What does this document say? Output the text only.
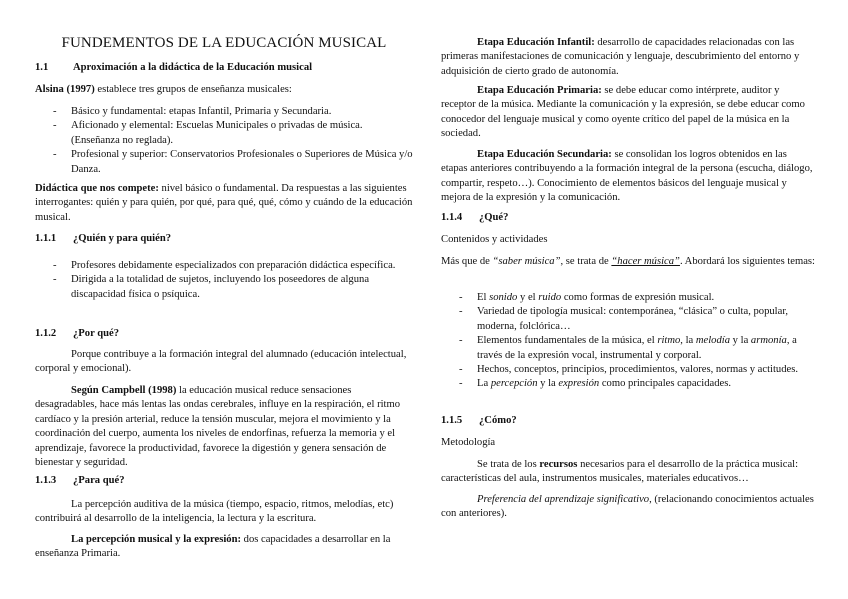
FUNDEMENTOS DE LA EDUCACIÓN MUSICAL
1.1 Aproximación a la didáctica de la Educación musical
Alsina (1997) establece tres grupos de enseñanza musicales:
- Básico y fundamental: etapas Infantil, Primaria y Secundaria.
- Aficionado y elemental: Escuelas Municipales o privadas de música. (Enseñanza no reglada).
- Profesional y superior: Conservatorios Profesionales o Superiores de Música y/o Danza.
Didáctica que nos compete: nivel básico o fundamental. Da respuestas a las siguientes interrogantes: quién y para quién, por qué, para qué, qué, cómo y cuándo de la educación musical.
1.1.1 ¿Quién y para quién?
- Profesores debidamente especializados con preparación didáctica específica.
- Dirigida a la totalidad de sujetos, incluyendo los poseedores de alguna discapacidad física o psíquica.
1.1.2 ¿Por qué?
Porque contribuye a la formación integral del alumnado (educación intelectual, corporal y emocional).
Según Campbell (1998) la educación musical reduce sensaciones desagradables, hace más lentas las ondas cerebrales, influye en la respiración, el ritmo cardíaco y la presión arterial, reduce la tensión muscular, mejora el movimiento y la coordinación del cuerpo, aumenta los niveles de endorfinas, refuerza la memoria y el aprendizaje, favorece la productividad, favorece la digestión y genera sensación de bienestar y seguridad.
1.1.3 ¿Para qué?
La percepción auditiva de la música (tiempo, espacio, ritmos, melodías, etc) contribuirá al desarrollo de la inteligencia, la lectura y la escritura.
La percepción musical y la expresión: dos capacidades a desarrollar en la enseñanza Primaria.
Etapa Educación Infantil: desarrollo de capacidades relacionadas con las primeras manifestaciones de comunicación y lenguaje, descubrimiento del entorno y adquisición de cierto grado de autonomía.
Etapa Educación Primaria: se debe educar como intérprete, auditor y receptor de la música. Mediante la comunicación y la expresión, se debe educar como conocedor del lenguaje musical y como oyente crítico del papel de la música en la sociedad.
Etapa Educación Secundaria: se consolidan los logros obtenidos en las etapas anteriores contribuyendo a la formación integral de la persona (escucha, diálogo, compartir, respeto…). Conocimiento de elementos básicos del lenguaje musical y mejora de la expresión y la comunicación.
1.1.4 ¿Qué?
Contenidos y actividades
Más que de “saber música”, se trata de “hacer música”. Abordará los siguientes temas:
- El sonido y el ruido como formas de expresión musical.
- Variedad de tipología musical: contemporánea, “clásica” o culta, popular, moderna, folclórica…
- Elementos fundamentales de la música, el ritmo, la melodía y la armonía, a través de la expresión vocal, instrumental y corporal.
- Hechos, conceptos, principios, procedimientos, valores, normas y actitudes.
- La percepción y la expresión como principales capacidades.
1.1.5 ¿Cómo?
Metodología
Se trata de los recursos necesarios para el desarrollo de la práctica musical: características del aula, instrumentos musicales, materiales educativos…
Preferencia del aprendizaje significativo, (relacionando conocimientos actuales con anteriores).
